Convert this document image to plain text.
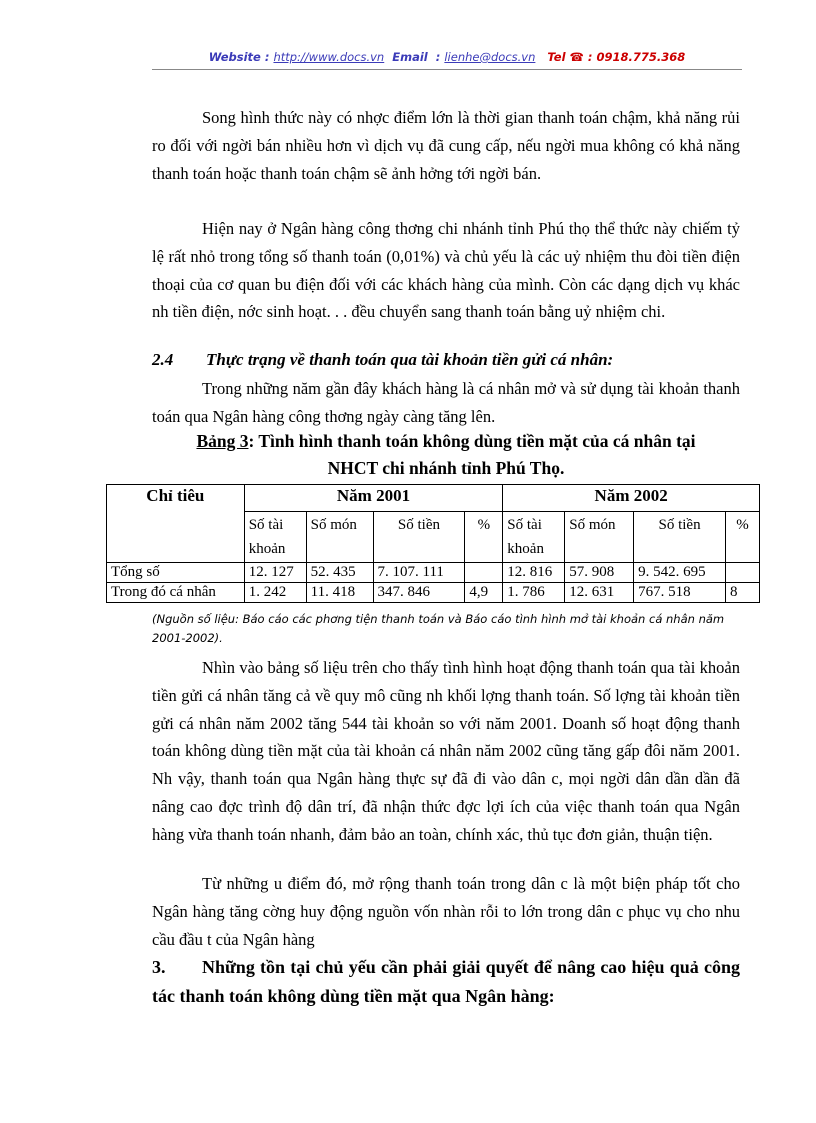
Website : http://www.docs.vn Email  : lienhe@docs.vn Tel ☎ : 0918.775.368
Song hình thức này có nhợc điểm lớn là thời gian thanh toán chậm, khả năng rủi ro đối với ngời bán nhiều hơn vì dịch vụ đã cung cấp, nếu ngời mua không có khả năng thanh toán hoặc thanh toán chậm sẽ ảnh hởng tới ngời bán.
Hiện nay ở Ngân hàng công thơng chi nhánh tỉnh Phú thọ thể thức này chiếm tỷ lệ rất nhỏ trong tổng số thanh toán (0,01%) và chủ yếu là các uỷ nhiệm thu đòi tiền điện thoại của cơ quan bu điện đối với các khách hàng của mình. Còn các dạng dịch vụ khác nh tiền điện, nớc sinh hoạt. . . đều chuyển sang thanh toán bằng uỷ nhiệm chi.
2.4 Thực trạng về thanh toán qua tài khoản tiền gửi cá nhân:
Trong những năm gần đây khách hàng là cá nhân mở và sử dụng tài khoản thanh toán qua Ngân hàng công thơng ngày càng tăng lên.
Bảng 3: Tình hình thanh toán không dùng tiền mặt của cá nhân tại
NHCT chi nhánh tỉnh Phú Thọ.
Chỉ tiêu	Năm 2001				Năm 2002			
	Số tài khoản	Số món	Số tiền	%	Số tài khoản	Số món	Số tiền	%
Tổng số	12. 127	52. 435	7. 107. 111		12. 816	57. 908	9. 542. 695	
Trong đó cá nhân	1. 242	11. 418	347. 846	4,9	1. 786	12. 631	767. 518	8
(Nguồn số liệu: Báo cáo các phơng tiện thanh toán và Báo cáo tình hình mở tài khoản cá nhân năm 2001-2002).
Nhìn vào bảng số liệu trên cho thấy tình hình hoạt động thanh toán qua tài khoản tiền gửi cá nhân tăng cả về quy mô cũng nh khối lợng thanh toán. Số lợng tài khoản tiền gửi cá nhân năm 2002 tăng 544 tài khoản so với năm 2001. Doanh số hoạt động thanh toán không dùng tiền mặt của tài khoản cá nhân năm 2002 cũng tăng gấp đôi năm 2001. Nh vậy, thanh toán qua Ngân hàng thực sự đã đi vào dân c, mọi ngời dân dần dần đã nâng cao đợc trình độ dân trí, đã nhận thức đợc lợi ích của việc thanh toán qua Ngân hàng vừa thanh toán nhanh, đảm bảo an toàn, chính xác, thủ tục đơn giản, thuận tiện.
Từ những u điểm đó, mở rộng thanh toán trong dân c là một biện pháp tốt cho Ngân hàng tăng cờng huy động nguồn vốn nhàn rỗi to lớn trong dân c phục vụ cho nhu cầu đầu t của Ngân hàng
3. Những tồn tại chủ yếu cần phải giải quyết để nâng cao hiệu quả công tác thanh toán không dùng tiền mặt qua Ngân hàng:
